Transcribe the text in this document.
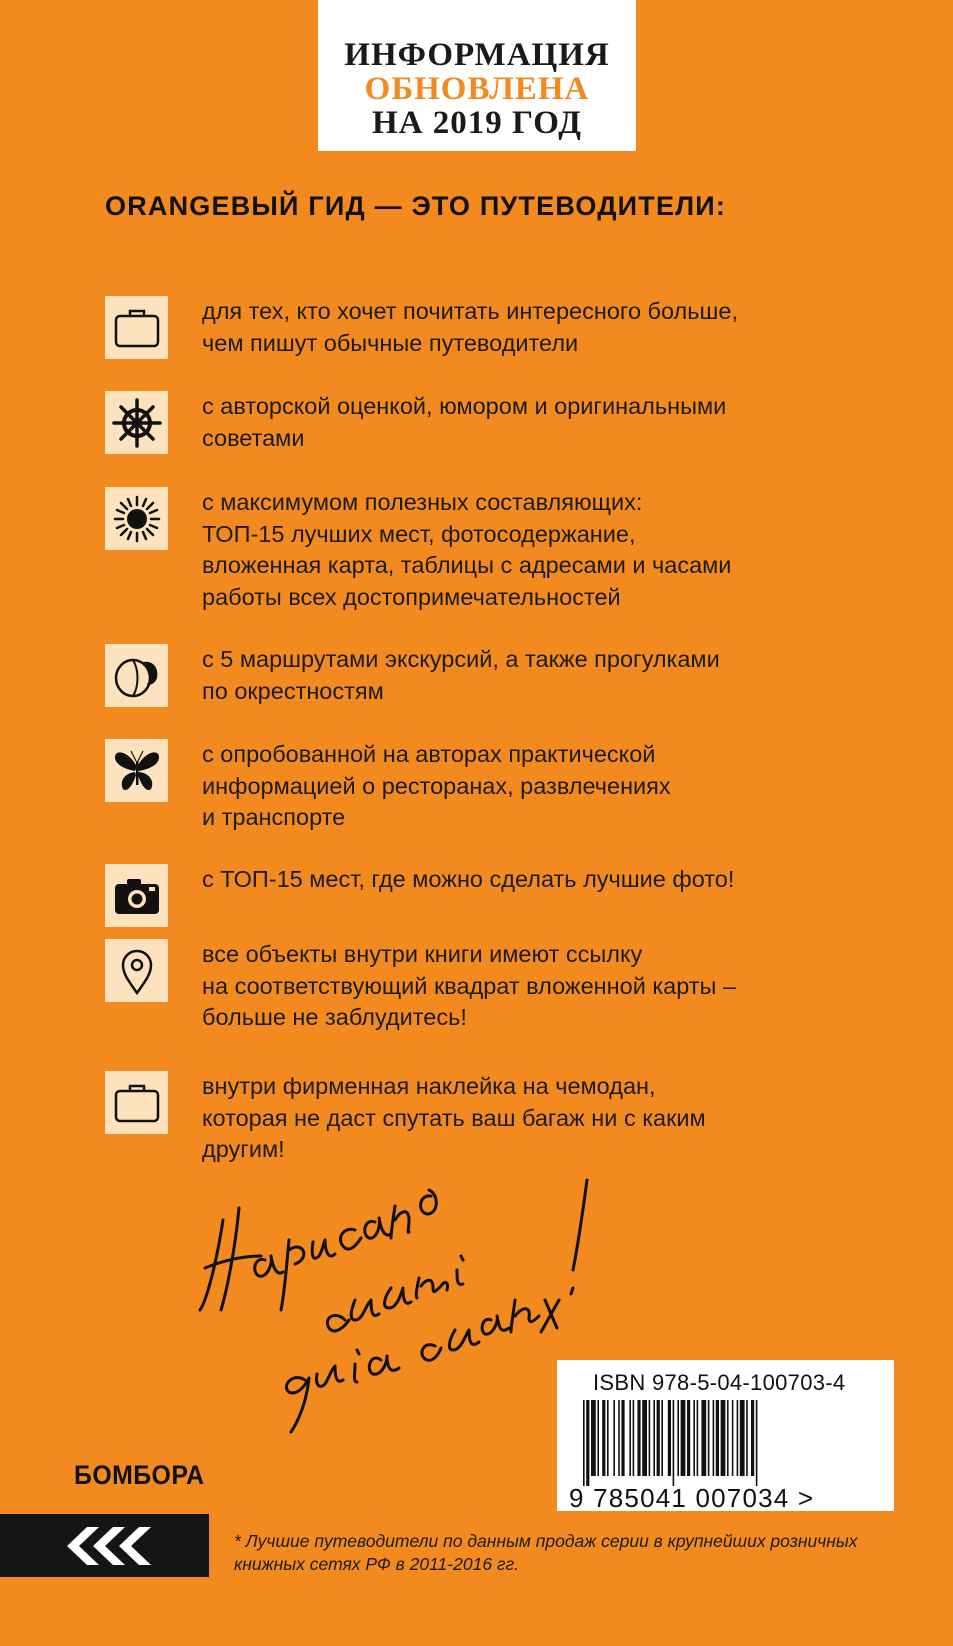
ИНФОРМАЦИЯ
ОБНОВЛЕНА
НА 2019 ГОД
ORANGEВЫЙ ГИД — ЭТО ПУТЕВОДИТЕЛИ:
для тех, кто хочет почитать интересного больше,
чем пишут обычные путеводители
с авторской оценкой, юмором и оригинальными
советами
с максимумом полезных составляющих:
ТОП-15 лучших мест, фотосодержание,
вложенная карта, таблицы с адресами и часами
работы всех достопримечательностей
с 5 маршрутами экскурсий, а также прогулками
по окрестностям
с опробованной на авторах практической
информацией о ресторанах, развлечениях
и транспорте
с ТОП-15 мест, где можно сделать лучшие фото!
все объекты внутри книги имеют ссылку
на соответствующий квадрат вложенной карты –
больше не заблудитесь!
внутри фирменная наклейка на чемодан,
которая не даст спутать ваш багаж ни с каким
другим!
БОМБОРА
ISBN 978-5-04-100703-4
9 785041 007034 >
* Лучшие путеводители по данным продаж серии в крупнейших розничных
книжных сетях РФ в 2011-2016 гг.
